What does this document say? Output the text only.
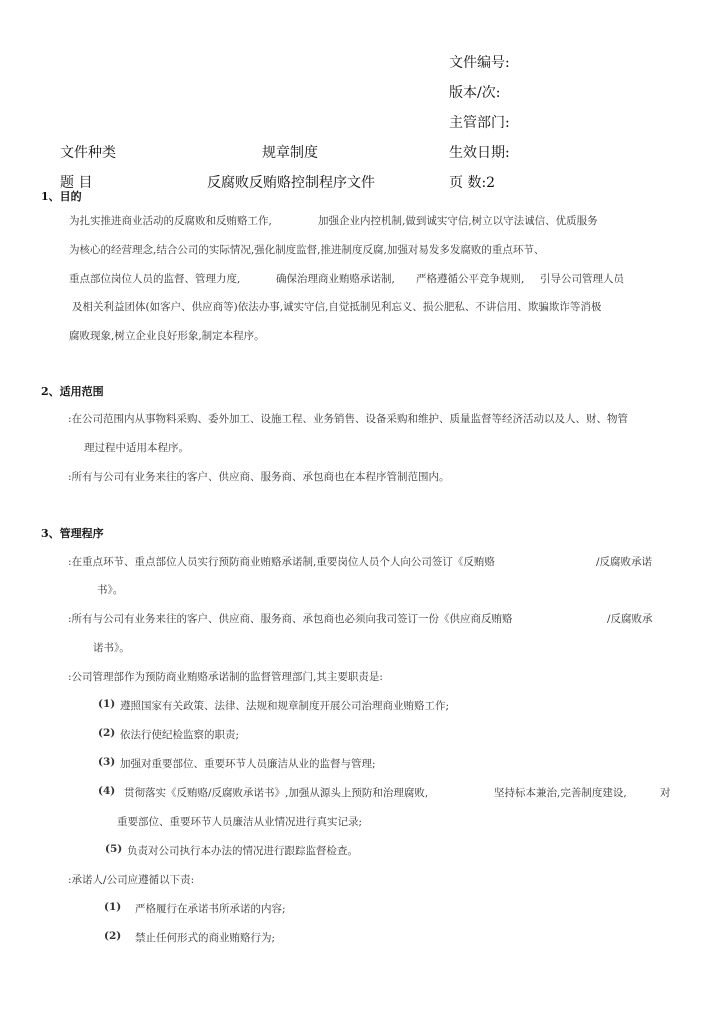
文件编号:
版本/次:
主管部门:
文件种类	规章制度	生效日期:
题 目	反腐败反贿赂控制程序文件	页 数:2
1、目的
为扎实推进商业活动的反腐败和反贿赂工作,	加强企业内控机制,做到诚实守信,树立以守法诚信、优质服务
为核心的经营理念,结合公司的实际情况,强化制度监督,推进制度反腐,加强对易发多发腐败的重点环节、
重点部位岗位人员的监督、管理力度,	确保治理商业贿赂承诺制, 严格遵循公平竞争规则, 引导公司管理人员
及相关利益团体(如客户、供应商等)依法办事,诚实守信,自觉抵制见利忘义、损公肥私、不讲信用、欺骗欺诈等消极
腐败现象,树立企业良好形象,制定本程序。
2、适用范围
:在公司范围内从事物料采购、委外加工、设施工程、业务销售、设备采购和维护、质量监督等经济活动以及人、财、物管
理过程中适用本程序。
:所有与公司有业务来往的客户、供应商、服务商、承包商也在本程序管制范围内。
3、管理程序
:在重点环节、重点部位人员实行预防商业贿赂承诺制,重要岗位人员个人向公司签订《反贿赂	/反腐败承诺
书》。
:所有与公司有业务来往的客户、供应商、服务商、承包商也必须向我司签订一份《供应商反贿赂	/反腐败承
诺书》。
:公司管理部作为预防商业贿赂承诺制的监督管理部门,其主要职责是:
(1) 遵照国家有关政策、法律、法规和规章制度开展公司治理商业贿赂工作;
(2) 依法行使纪检监察的职责;
(3) 加强对重要部位、重要环节人员廉洁从业的监督与管理;
(4) 贯彻落实《反贿赂/反腐败承诺书》,加强从源头上预防和治理腐败,	坚持标本兼治,完善制度建设,	对
重要部位、重要环节人员廉洁从业情况进行真实记录;
(5) 负责对公司执行本办法的情况进行跟踪监督检查。
:承诺人/公司应遵循以下责:
(1) 严格履行在承诺书所承诺的内容;
(2) 禁止任何形式的商业贿赂行为;
